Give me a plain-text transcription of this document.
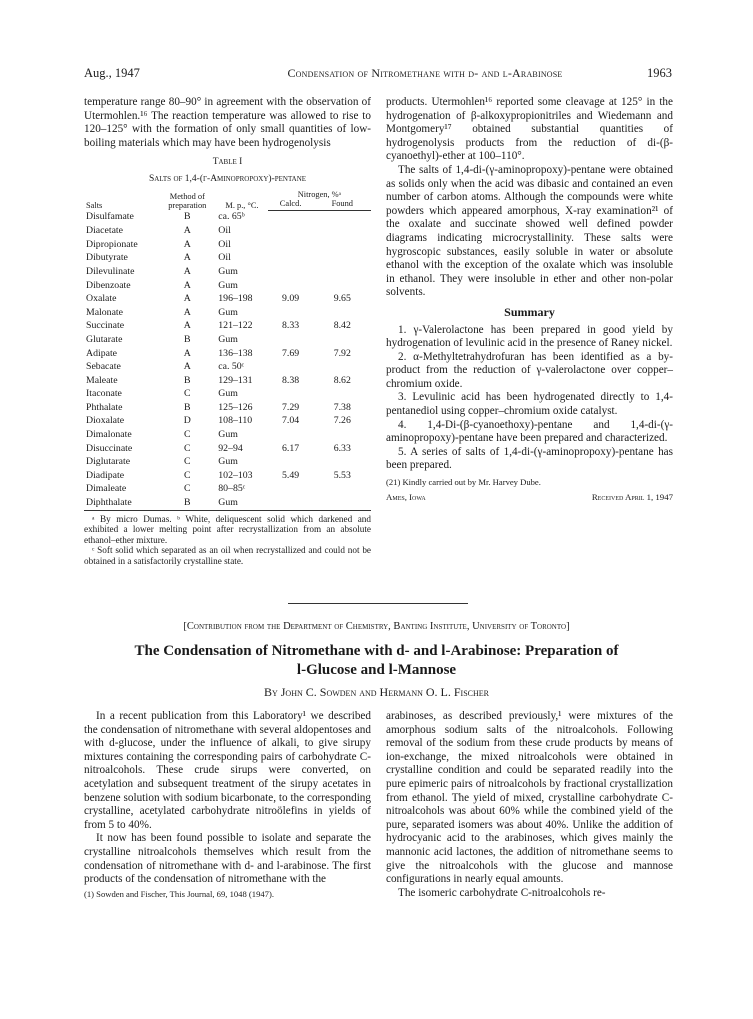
Aug., 1947	Condensation of Nitromethane with d- and l-Arabinose	1963

temperature range 80–90° in agreement with the observation of Utermohlen.¹⁶ The reaction temperature was allowed to rise to 120–125° with the formation of only small quantities of low-boiling materials which may have been hydrogenolysis

Table I
Salts of 1,4-(γ-Aminopropoxy)-pentane
Salts	Method of preparation	M. p., °C.	Nitrogen, %ᵃ	
			Calcd.	Found
Disulfamate	B	ca. 65ᵇ		
Diacetate	A	Oil		
Dipropionate	A	Oil		
Dibutyrate	A	Oil		
Dilevulinate	A	Gum		
Dibenzoate	A	Gum		
Oxalate	A	196–198	9.09	9.65
Malonate	A	Gum		
Succinate	A	121–122	8.33	8.42
Glutarate	B	Gum		
Adipate	A	136–138	7.69	7.92
Sebacate	A	ca. 50ᶜ		
Maleate	B	129–131	8.38	8.62
Itaconate	C	Gum		
Phthalate	B	125–126	7.29	7.38
Dioxalate	D	108–110	7.04	7.26
Dimalonate	C	Gum		
Disuccinate	C	92–94	6.17	6.33
Diglutarate	C	Gum		
Diadipate	C	102–103	5.49	5.53
Dimaleate	C	80–85ᶜ		
Diphthalate	B	Gum		

ᵃ By micro Dumas. ᵇ White, deliquescent solid which darkened and exhibited a lower melting point after recrystallization from an absolute ethanol–ether mixture.

ᶜ Soft solid which separated as an oil when recrystallized and could not be obtained in a satisfactorily crystalline state.

products. Utermohlen¹⁶ reported some cleavage at 125° in the hydrogenation of β-alkoxypropionitriles and Wiedemann and Montgomery¹⁷ obtained substantial quantities of hydrogenolysis products from the reduction of di-(β-cyanoethyl)-ether at 100–110°.

The salts of 1,4-di-(γ-aminopropoxy)-pentane were obtained as solids only when the acid was dibasic and contained an even number of carbon atoms. Although the compounds were white powders which appeared amorphous, X-ray examination²¹ of the oxalate and succinate showed well defined powder diagrams indicating microcrystallinity. These salts were hygroscopic substances, easily soluble in water or absolute ethanol with the exception of the oxalate which was insoluble in ethanol. They were insoluble in ether and other non-polar solvents.

Summary

1. γ-Valerolactone has been prepared in good yield by hydrogenation of levulinic acid in the presence of Raney nickel.

2. α-Methyltetrahydrofuran has been identified as a by-product from the reduction of γ-valerolactone over copper–chromium oxide.

3. Levulinic acid has been hydrogenated directly to 1,4-pentanediol using copper–chromium oxide catalyst.

4. 1,4-Di-(β-cyanoethoxy)-pentane and 1,4-di-(γ-aminopropoxy)-pentane have been prepared and characterized.

5. A series of salts of 1,4-di-(γ-aminopropoxy)-pentane has been prepared.

(21) Kindly carried out by Mr. Harvey Dube.

Ames, Iowa	Received April 1, 1947
[Contribution from the Department of Chemistry, Banting Institute, University of Toronto]
The Condensation of Nitromethane with d- and l-Arabinose: Preparation of
l-Glucose and l-Mannose
By John C. Sowden and Hermann O. L. Fischer

In a recent publication from this Laboratory¹ we described the condensation of nitromethane with several aldopentoses and with d-glucose, under the influence of alkali, to give sirupy mixtures containing the corresponding pairs of carbohydrate C-nitroalcohols. These crude sirups were converted, on acetylation and subsequent treatment of the sirupy acetates in benzene solution with sodium bicarbonate, to the corresponding crystalline, acetylated carbohydrate nitroölefins in yields of from 5 to 40%.

It now has been found possible to isolate and separate the crystalline nitroalcohols themselves which result from the condensation of nitromethane with d- and l-arabinose. The first products of the condensation of nitromethane with the

(1) Sowden and Fischer, This Journal, 69, 1048 (1947).

arabinoses, as described previously,¹ were mixtures of the amorphous sodium salts of the nitroalcohols. Following removal of the sodium from these crude products by means of ion-exchange, the mixed nitroalcohols were obtained in crystalline condition and could be separated readily into the pure epimeric pairs of nitroalcohols by fractional crystallization from ethanol. The yield of mixed, crystalline carbohydrate C-nitroalcohols was about 60% while the combined yield of the pure, separated isomers was about 40%. Unlike the addition of hydrocyanic acid to the arabinoses, which gives mainly the mannonic acid lactones, the addition of nitromethane seems to give the nitroalcohols with the glucose and mannose configurations in nearly equal amounts.

The isomeric carbohydrate C-nitroalcohols re-
